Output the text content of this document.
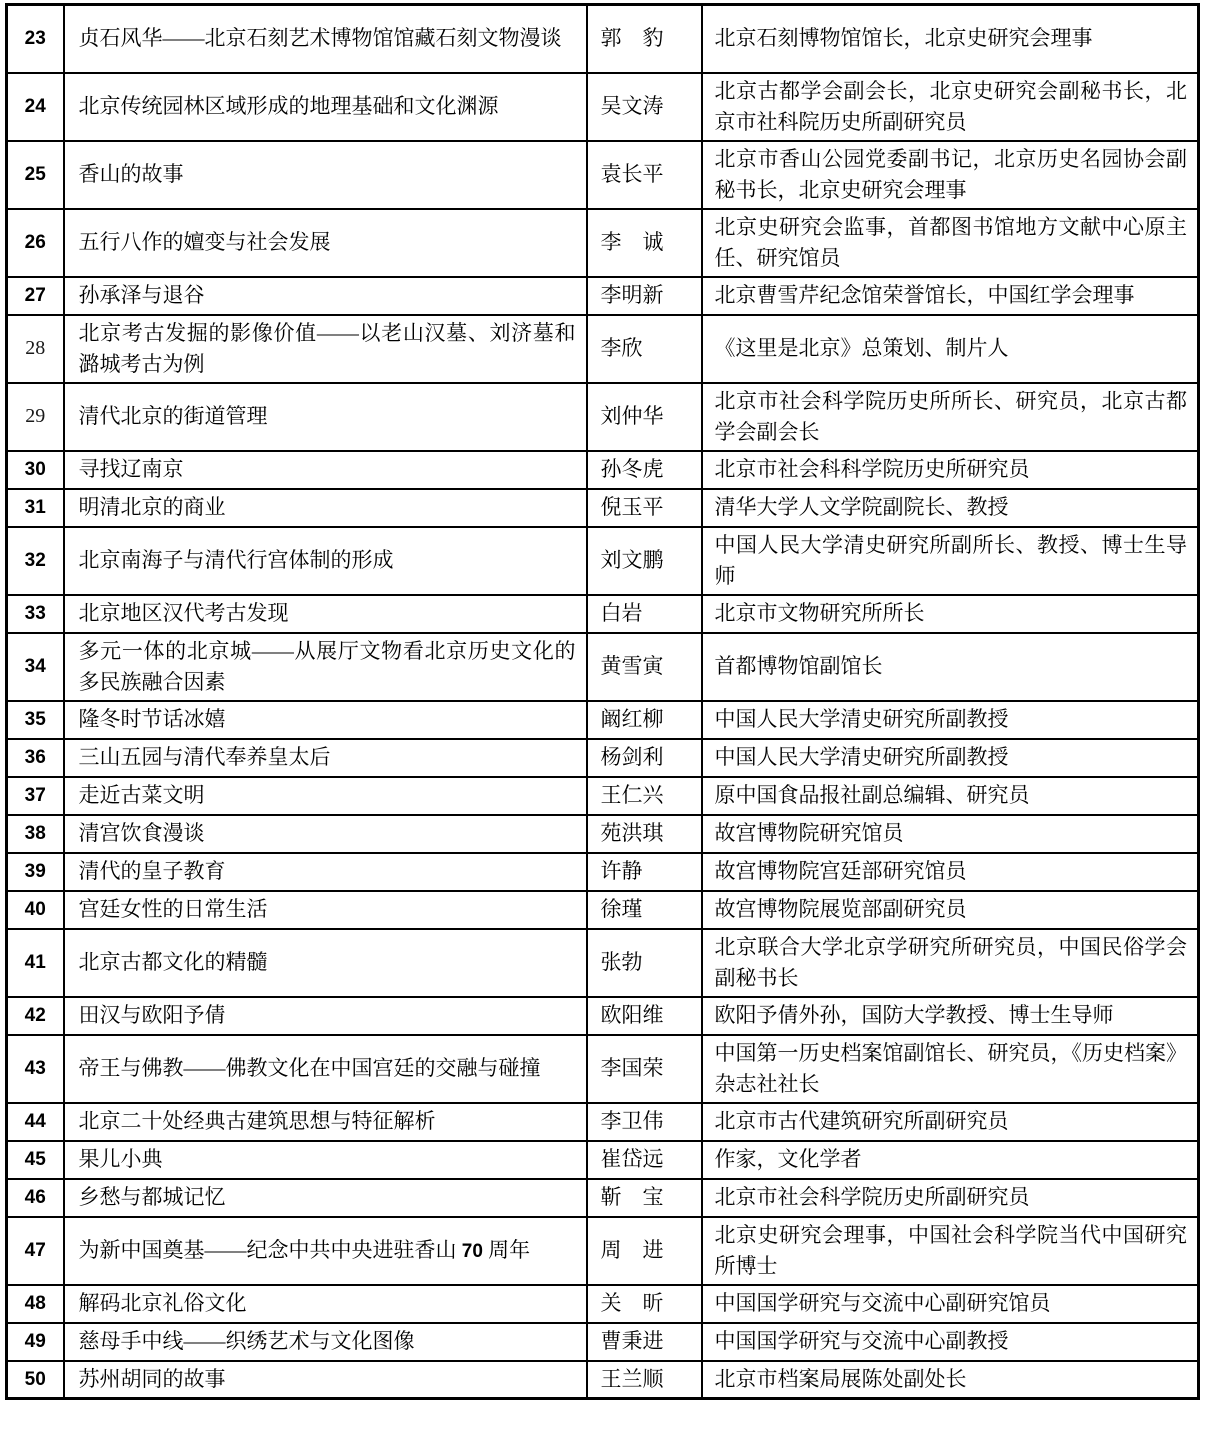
23	贞石风华——北京石刻艺术博物馆馆藏石刻文物漫谈	郭　豹	北京石刻博物馆馆长，北京史研究会理事
24	北京传统园林区域形成的地理基础和文化渊源	吴文涛	北京古都学会副会长，北京史研究会副秘书长，北京市社科院历史所副研究员
25	香山的故事	袁长平	北京市香山公园党委副书记，北京历史名园协会副秘书长，北京史研究会理事
26	五行八作的嬗变与社会发展	李　诚	北京史研究会监事，首都图书馆地方文献中心原主任、研究馆员
27	孙承泽与退谷	李明新	北京曹雪芹纪念馆荣誉馆长，中国红学会理事
28	北京考古发掘的影像价值——以老山汉墓、刘济墓和潞城考古为例	李欣	《这里是北京》总策划、制片人
29	清代北京的街道管理	刘仲华	北京市社会科学院历史所所长、研究员，北京古都学会副会长
30	寻找辽南京	孙冬虎	北京市社会科科学院历史所研究员
31	明清北京的商业	倪玉平	清华大学人文学院副院长、教授
32	北京南海子与清代行宫体制的形成	刘文鹏	中国人民大学清史研究所副所长、教授、博士生导师
33	北京地区汉代考古发现	白岩	北京市文物研究所所长
34	多元一体的北京城——从展厅文物看北京历史文化的多民族融合因素	黄雪寅	首都博物馆副馆长
35	隆冬时节话冰嬉	阚红柳	中国人民大学清史研究所副教授
36	三山五园与清代奉养皇太后	杨剑利	中国人民大学清史研究所副教授
37	走近古菜文明	王仁兴	原中国食品报社副总编辑、研究员
38	清宫饮食漫谈	苑洪琪	故宫博物院研究馆员
39	清代的皇子教育	许静	故宫博物院宫廷部研究馆员
40	宫廷女性的日常生活	徐瑾	故宫博物院展览部副研究员
41	北京古都文化的精髓	张勃	北京联合大学北京学研究所研究员，中国民俗学会副秘书长
42	田汉与欧阳予倩	欧阳维	欧阳予倩外孙，国防大学教授、博士生导师
43	帝王与佛教——佛教文化在中国宫廷的交融与碰撞	李国荣	中国第一历史档案馆副馆长、研究员，《历史档案》杂志社社长
44	北京二十处经典古建筑思想与特征解析	李卫伟	北京市古代建筑研究所副研究员
45	果儿小典	崔岱远	作家，文化学者
46	乡愁与都城记忆	靳　宝	北京市社会科学院历史所副研究员
47	为新中国奠基——纪念中共中央进驻香山 70 周年	周　进	北京史研究会理事，中国社会科学院当代中国研究所博士
48	解码北京礼俗文化	关　昕	中国国学研究与交流中心副研究馆员
49	慈母手中线——织绣艺术与文化图像	曹秉进	中国国学研究与交流中心副教授
50	苏州胡同的故事	王兰顺	北京市档案局展陈处副处长
